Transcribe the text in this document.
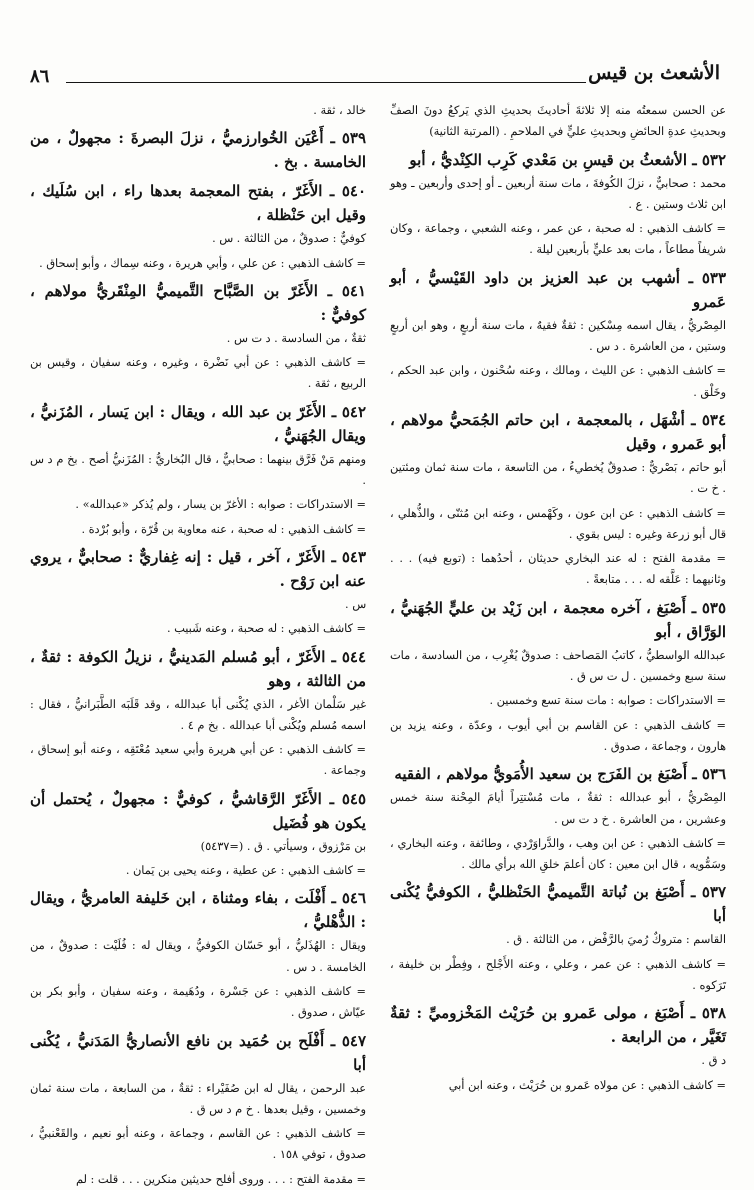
الأشعث بن قيس
٨٦
عن الحسن سمعتُه منه إلا ثلاثةَ أحاديثَ بحديثِ الذي يَركعُ دونَ الصفِّ وبحديثِ عدةِ الحائضِ وبحديثِ عليٍّ في الملاحمِ . (المرتبة الثانية)
٥٣٢ ـ الأشعثُ بن قيسِ بن مَعْدي كَرِب الكِنْديُّ ، أبو
محمد : صحابيٌّ ، نزلَ الكُوفةَ ، مات سنة أربعين ـ أو إحدى وأربعين ـ وهو ابن ثلاث وستين . ع .
= كاشف الذهبي : له صحبة ، عن عمر ، وعنه الشعبي ، وجماعة ، وكان شريفاً مطاعاً ، مات بعد عليٍّ بأربعين ليلة .
٥٣٣ ـ أشهب بن عبد العزيز بن داود القَيْسيُّ ، أبو عَمرو
المِصْريُّ ، يقال اسمه مِسْكين : ثقةٌ فقيهٌ ، مات سنة أربعٍ ، وهو ابن أربعٍ وستين ، من العاشرة . د س .
= كاشف الذهبي : عن الليث ، ومالك ، وعنه سُحْنون ، وابن عبد الحكم ، وخَلْق .
٥٣٤ ـ أشْهَل ، بالمعجمة ، ابن حاتم الجُمَحيُّ مولاهم ، أبو عَمرو ، وقيل
أبو حاتم ، بَصْريٌّ : صدوقٌ يُخطيءُ ، من التاسعة ، مات سنة ثمان ومئتين . خ ت .
= كاشف الذهبي : عن ابن عون ، وكَهْمس ، وعنه ابن مُثنّى ، والذُّهلي ، قال أبو زرعة وغيره : ليس بقوي .
= مقدمة الفتح : له عند البخاري حديثان ، أحدُهما : (توبع فيه) . . . وثانيهما : عَلَّقه له . . . متابعةً .
٥٣٥ ـ أَصْبَغ ، آخره معجمة ، ابن زَيْد بن عليٍّ الجُهَنيُّ ، الوَرَّاق ، أبو
عبدالله الواسطيُّ ، كاتبُ المَصاحف : صدوقٌ يُغْرِب ، من السادسة ، مات سنة سبع وخمسين . ل ت س ق .
= الاستدراكات : صوابه : مات سنة تسع وخمسين .
= كاشف الذهبي : عن القاسم بن أبي أيوب ، وعدّة ، وعنه يزيد بن هارون ، وجماعة ، صدوق .
٥٣٦ ـ أَصْبَغ بن الفَرَج بن سعيد الأُمَويُّ مولاهم ، الفقيه
المِصْريُّ ، أبو عبدالله : ثقةٌ ، مات مُسْتتِراً أيامَ المِحْنة سنة خمس وعشرين ، من العاشرة . خ د ت س .
= كاشف الذهبي : عن ابن وهب ، والدَّراوَرْدي ، وطائفة ، وعنه البخاري ، وسَمُّويه ، قال ابن معين : كان أعلمَ خلقِ الله برأي مالك .
٥٣٧ ـ أَصْبَغ بن نُباتة التَّميميُّ الحَنْظليُّ ، الكوفيُّ يُكْنى أبا
القاسم : متروكٌ رُميَ بالرَّفْض ، من الثالثة . ق .
= كاشف الذهبي : عن عمر ، وعلي ، وعنه الأَجْلح ، وفِطْر بن خليفة ، تَرَكوه .
٥٣٨ ـ أَصْبَغ ، مولى عَمرو بن حُرَيْث المَخْزوميِّ : ثقةٌ تَغَيَّر ، من الرابعة .
د ق .
= كاشف الذهبي : عن مولاه عَمرو بن حُرَيْث ، وعنه ابن أبي
خالد ، ثقة .
٥٣٩ ـ أَعْيَن الخُوارزميُّ ، نزلَ البصرةَ : مجهولٌ ، من الخامسة . بخ .
٥٤٠ ـ الأَغَرّ ، بفتح المعجمة بعدها راء ، ابن سُلَيك ، وقيل ابن حَنْظلة ،
كوفيٌّ : صدوقٌ ، من الثالثة . س .
= كاشف الذهبي : عن علي ، وأبي هريرة ، وعنه سِماك ، وأبو إسحاق .
٥٤١ ـ الأَغَرّ بن الصَّبَّاح التَّميميُّ المِنْقَريُّ مولاهم ، كوفيٌّ :
ثقةٌ ، من السادسة . د ت س .
= كاشف الذهبي : عن أبي نَضْرة ، وغيره ، وعنه سفيان ، وقيس بن الربيع ، ثقة .
٥٤٢ ـ الأَغَرّ بن عبد الله ، ويقال : ابن يَسار ، المُزَنيُّ ، ويقال الجُهَنيُّ ،
ومنهم مَنْ فَرَّق بينهما : صحابيٌّ ، قال البُخاريُّ : المُزَنيُّ أصح . بخ م د س .
= الاستدراكات : صوابه : الأغرّ بن يسار ، ولم يُذكر «عبدالله» .
= كاشف الذهبي : له صحبة ، عنه معاوية بن قُرّة ، وأبو بُرْدة .
٥٤٣ ـ الأَغَرّ ، آخر ، قيل : إنه غِفاريٌّ : صحابيٌّ ، يروي عنه ابن رَوْح .
س .
= كاشف الذهبي : له صحبة ، وعنه شَبيب .
٥٤٤ ـ الأَغَرّ ، أبو مُسلم المَدينيُّ ، نزيلُ الكوفة : ثقةٌ ، من الثالثة ، وهو
غير سَلْمان الأغر ، الذي يُكْنى أبا عبدالله ، وقد قَلَبَه الطَّبَرانيُّ ، فقال : اسمه مُسلم ويُكْنى أبا عبدالله . بخ م ٤ .
= كاشف الذهبي : عن أبي هريرة وأبي سعيد مُعْتَقِه ، وعنه أبو إسحاق ، وجماعة .
٥٤٥ ـ الأَغَرّ الرَّقاشيُّ ، كوفيٌّ : مجهولٌ ، يُحتمل أن يكون هو فُضَيل
بن مَرْزوق ، وسيأتي . ق . (=٥٤٣٧)
= كاشف الذهبي : عن عطية ، وعنه يحيى بن يَمان .
٥٤٦ ـ أَفْلَت ، بفاء ومثناة ، ابن خَليفة العامريُّ ، ويقال : الذُّهْليُّ ،
ويقال : الهُذَليُّ ، أبو حَسّان الكوفيُّ ، ويقال له : فُلَيْت : صدوقٌ ، من الخامسة . د س .
= كاشف الذهبي : عن جَسْرة ، ودُهَيمة ، وعنه سفيان ، وأبو بكر بن عيّاش ، صدوق .
٥٤٧ ـ أَفْلَح بن حُمَيد بن نافع الأنصاريُّ المَدَنيُّ ، يُكْنى أبا
عبد الرحمن ، يقال له ابن صُفَيْراء : ثقةٌ ، من السابعة ، مات سنة ثمان وخمسين ، وقيل بعدها . خ م د س ق .
= كاشف الذهبي : عن القاسم ، وجماعة ، وعنه أبو نعيم ، والقَعْنبيُّ ، صدوق ، توفي ١٥٨ .
= مقدمة الفتح : . . . وروى أفلح حديثين منكرين . . . قلت : لم
